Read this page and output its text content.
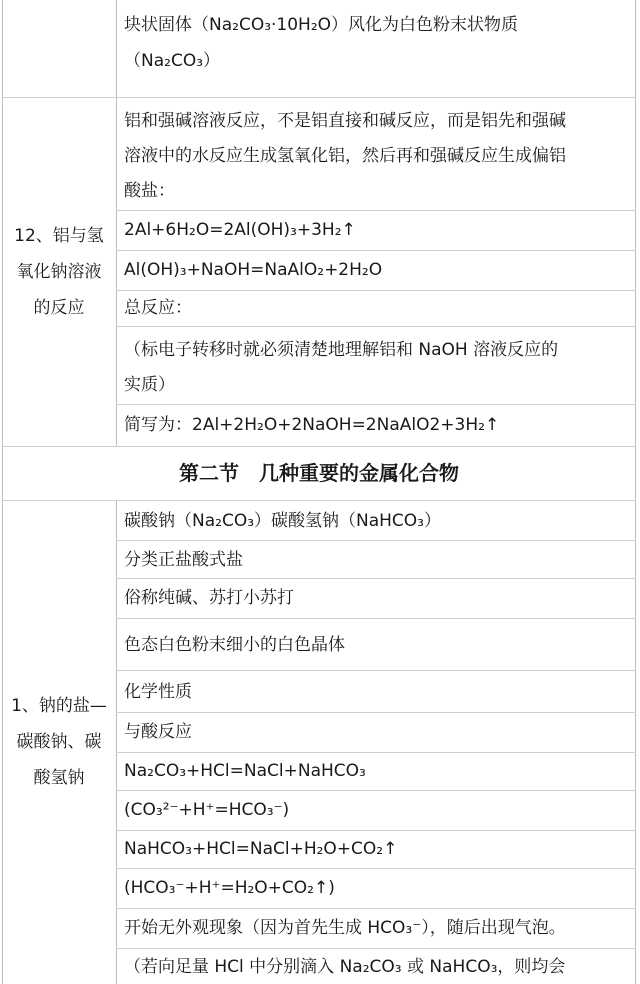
块状固体（Na₂CO₃·10H₂O）风化为白色粉末状物质
（Na₂CO₃）
12、铝与氢
氧化钠溶液
的反应
铝和强碱溶液反应，不是铝直接和碱反应，而是铝先和强碱
溶液中的水反应生成氢氧化铝，然后再和强碱反应生成偏铝
酸盐：
2Al+6H₂O=2Al(OH)₃+3H₂↑
Al(OH)₃+NaOH=NaAlO₂+2H₂O
总反应：
（标电子转移时就必须清楚地理解铝和 NaOH 溶液反应的
实质）
简写为：2Al+2H₂O+2NaOH=2NaAlO2+3H₂↑
第二节　几种重要的金属化合物
1、钠的盐—
碳酸钠、碳
酸氢钠
碳酸钠（Na₂CO₃）碳酸氢钠（NaHCO₃）
分类正盐酸式盐
俗称纯碱、苏打小苏打
色态白色粉末细小的白色晶体
化学性质
与酸反应
Na₂CO₃+HCl=NaCl+NaHCO₃
(CO₃²⁻+H⁺=HCO₃⁻)
NaHCO₃+HCl=NaCl+H₂O+CO₂↑
(HCO₃⁻+H⁺=H₂O+CO₂↑)
开始无外观现象（因为首先生成 HCO₃⁻），随后出现气泡。
（若向足量 HCl 中分别滴入 Na₂CO₃ 或 NaHCO₃，则均会
